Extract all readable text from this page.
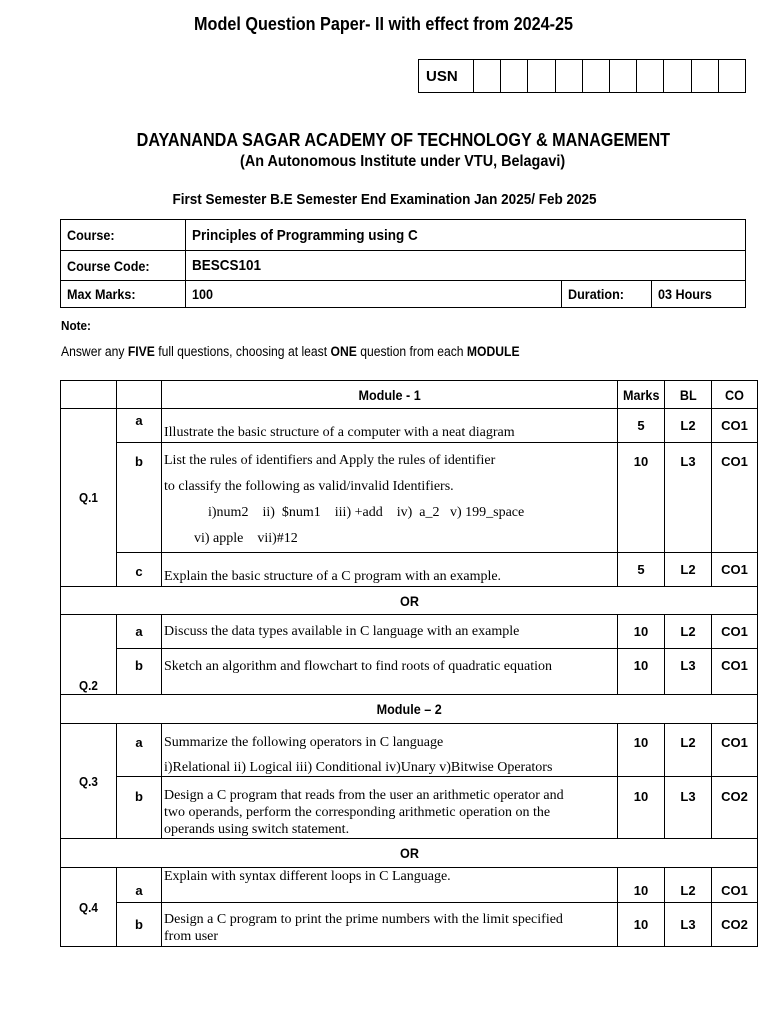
Model Question Paper- II with effect from 2024-25
USN
DAYANANDA SAGAR ACADEMY OF TECHNOLOGY & MANAGEMENT
(An Autonomous Institute under VTU, Belagavi)
First Semester B.E Semester End Examination Jan 2025/ Feb 2025
Course:	Principles of Programming using C		
Course Code:	BESCS101		
Max Marks:	100	Duration:	03 Hours
Note:
Answer any FIVE full questions, choosing at least ONE question from each MODULE
		Module - 1	Marks	BL	CO
Q.1	a	Illustrate the basic structure of a computer with a neat diagram	5	L2	CO1
	b	List the rules of identifiers and Apply the rules of identifier
to classify the following as valid/invalid Identifiers.
i)num2    ii)  $num1    iii) +add    iv)  a_2   v) 199_space
vi) apple    vii)#12	10	L3	CO1
	c	Explain the basic structure of a C program with an example.	5	L2	CO1
OR					
Q.2	a	Discuss the data types available in C language with an example	10	L2	CO1
	b	Sketch an algorithm and flowchart to find roots of quadratic equation	10	L3	CO1
Module – 2					
Q.3	a	Summarize the following operators in C language
i)Relational ii) Logical iii) Conditional iv)Unary v)Bitwise Operators	10	L2	CO1
	b	Design a C program that reads from the user an arithmetic operator and
two operands, perform the corresponding arithmetic operation on the
operands using switch statement.	10	L3	CO2
OR					
Q.4	a	Explain with syntax different loops in C Language.	10	L2	CO1
	b	Design a C program to print the prime numbers with the limit specified
from user	10	L3	CO2
